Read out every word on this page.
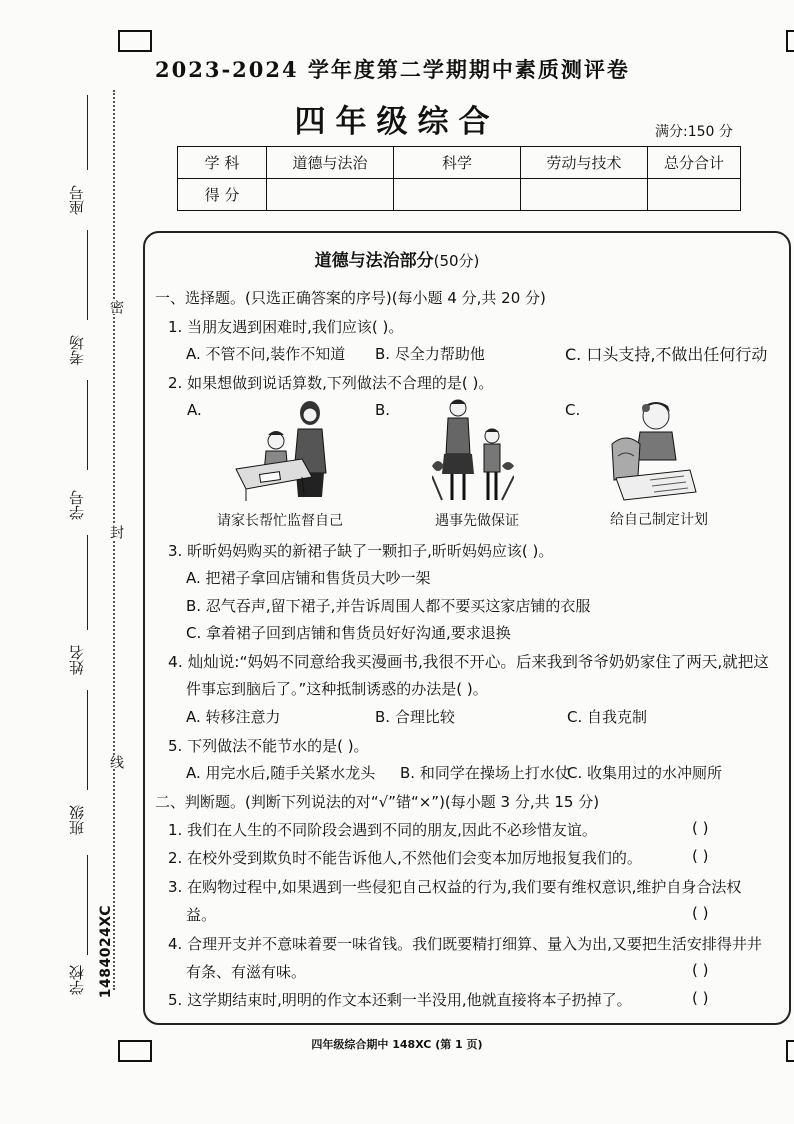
座号
考场
学号
姓名
班级
学校
密
封
线
1484024XC
2023-2024 学年度第二学期期中素质测评卷
四年级综合	满分:150 分
学 科	道德与法治	科学	劳动与技术	总分合计
得 分				
道德与法治部分(50分)
一、选择题。(只选正确答案的序号)(每小题 4 分,共 20 分)
1. 当朋友遇到困难时,我们应该( )。
A. 不管不问,装作不知道 B. 尽全力帮助他	C. 口头支持,不做出任何行动
2. 如果想做到说话算数,下列做法不合理的是( )。
A.	B.	C.
请家长帮忙监督自己	遇事先做保证	给自己制定计划
3. 昕昕妈妈购买的新裙子缺了一颗扣子,昕昕妈妈应该( )。
A. 把裙子拿回店铺和售货员大吵一架
B. 忍气吞声,留下裙子,并告诉周围人都不要买这家店铺的衣服
C. 拿着裙子回到店铺和售货员好好沟通,要求退换
4. 灿灿说:“妈妈不同意给我买漫画书,我很不开心。后来我到爷爷奶奶家住了两天,就把这
件事忘到脑后了。”这种抵制诱惑的办法是( )。
A. 转移注意力	B. 合理比较	C. 自我克制
5. 下列做法不能节水的是( )。
A. 用完水后,随手关紧水龙头 B. 和同学在操场上打水仗
C. 收集用过的水冲厕所
二、判断题。(判断下列说法的对“√”错“×”)(每小题 3 分,共 15 分)
1. 我们在人生的不同阶段会遇到不同的朋友,因此不必珍惜友谊。	( )
2. 在校外受到欺负时不能告诉他人,不然他们会变本加厉地报复我们的。	( )
3. 在购物过程中,如果遇到一些侵犯自己权益的行为,我们要有维权意识,维护自身合法权
益。	( )
4. 合理开支并不意味着要一味省钱。我们既要精打细算、量入为出,又要把生活安排得井井
有条、有滋有味。	( )
5. 这学期结束时,明明的作文本还剩一半没用,他就直接将本子扔掉了。	( )
四年级综合期中 148XC (第 1 页)
